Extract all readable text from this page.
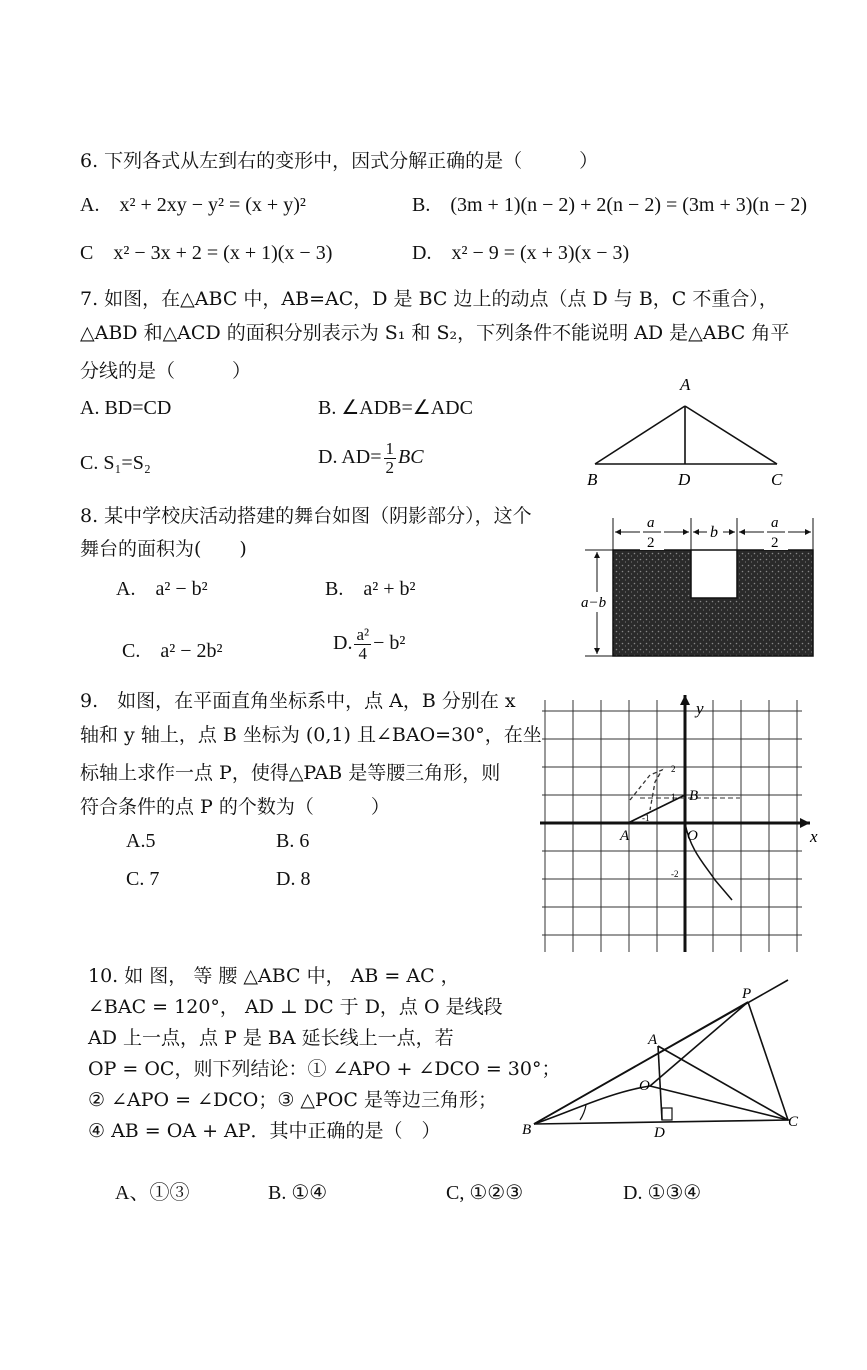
6. 下列各式从左到右的变形中，因式分解正确的是（　　　）
A.　x² + 2xy − y² = (x + y)²	B.　(3m + 1)(n − 2) + 2(n − 2) = (3m + 3)(n − 2)
C　x² − 3x + 2 = (x + 1)(x − 3)	D.　x² − 9 = (x + 3)(x − 3)
7. 如图，在△ABC 中，AB=AC，D 是 BC 边上的动点（点 D 与 B，C 不重合），
△ABD 和△ACD 的面积分别表示为 S₁ 和 S₂，下列条件不能说明 AD 是△ABC 角平
分线的是（　　　）
A. BD=CD	B. ∠ADB=∠ADC
C. S₁=S₂	D. $AD= \frac{1}{2}$ BC
A
B	D	C
8. 某中学校庆活动搭建的舞台如图（阴影部分），这个
舞台的面积为(　　)
A.　a² − b²	B.　a² + b²
C.　a² − 2b²	D. $\frac{\text{a²}}{4} - b^2$
a
2
b
a
2
a−b
9.　如图，在平面直角坐标系中，点 A，B 分别在 x
轴和 y 轴上，点 B 坐标为 (0,1) 且∠BAO=30°，在坐
标轴上求作一点 P，使得△PAB 是等腰三角形，则
符合条件的点 P 的个数为（　　　）
A.5	B. 6
C. 7	D. 8
x
y
O
A
B
1
2
-2
-1
10. 如 图， 等 腰 △ABC 中， AB = AC ，
∠BAC = 120°， AD ⊥ DC 于 D，点 O 是线段
AD 上一点，点 P 是 BA 延长线上一点，若
OP = OC，则下列结论：① ∠APO + ∠DCO = 30°；
② ∠APO = ∠DCO；③ △POC 是等边三角形；
④ AB = OA + AP．其中正确的是（　）
A、①③	B. ①④	C, ①②③	D. ①③④
P
A
O
B	D
C
